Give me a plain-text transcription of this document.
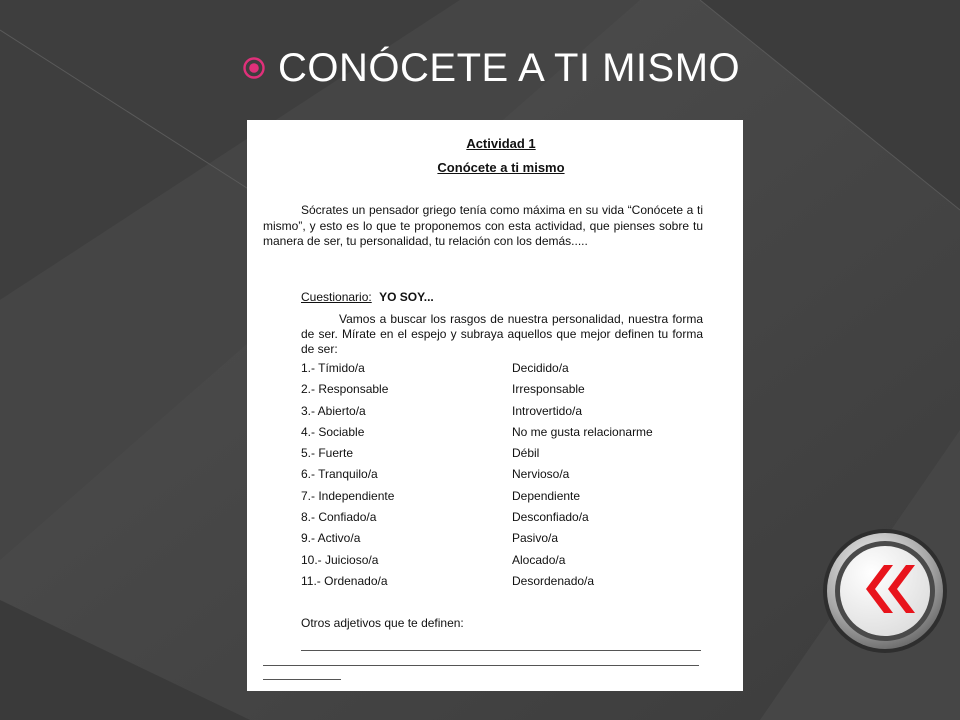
CONÓCETE A TI MISMO
Actividad 1
Conócete a ti mismo
Sócrates un pensador griego tenía como máxima en su vida “Conócete a ti mismo”, y esto es lo que te proponemos con esta actividad, que pienses sobre tu manera de ser, tu personalidad, tu relación con los demás.....
Cuestionario: YO SOY...
Vamos a buscar los rasgos de nuestra personalidad, nuestra forma de ser. Mírate en el espejo y subraya aquellos que mejor definen tu forma de ser:
1.- Tímido/a	Decidido/a
2.- Responsable	Irresponsable
3.- Abierto/a	Introvertido/a
4.- Sociable	No me gusta relacionarme
5.- Fuerte	Débil
6.- Tranquilo/a	Nervioso/a
7.- Independiente	Dependiente
8.- Confiado/a	Desconfiado/a
9.- Activo/a	Pasivo/a
10.- Juicioso/a	Alocado/a
11.- Ordenado/a	Desordenado/a
Otros adjetivos que te definen:
